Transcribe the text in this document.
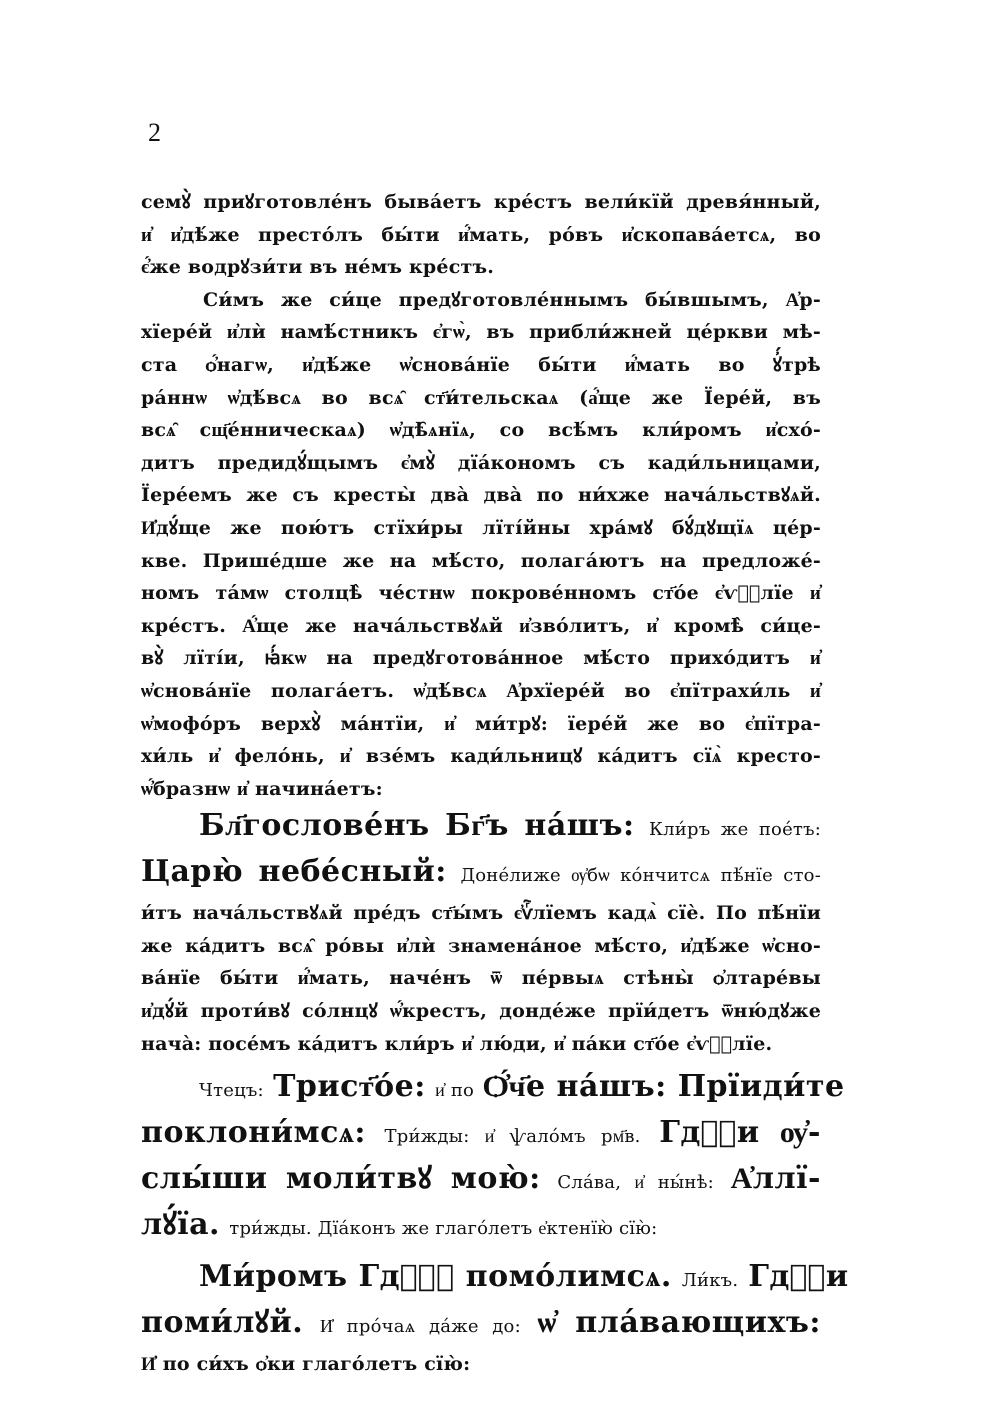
2
семꙋ̀ приꙋготовле́нъ быва́етъ кре́стъ вели́кїй древя́нный,
и҆ и҆дѣ́же престо́лъ бы́ти и҆́мать, ро́въ и҆скопава́етсѧ, во
є҆́же водрꙋзи́ти въ не́мъ кре́стъ.
Си́мъ же си́це предꙋготовле́ннымъ бы́вшымъ, А҆р-
хїере́й и҆лѝ намѣ́стникъ є҆гѡ̀, въ прибли́жней це́ркви мѣ-
ста ѻ҆́нагѡ, и҆дѣ́же ѡ҆снова́нїе бы́ти и҆́мать во ꙋ҆́трѣ
ра́ннѡ ѡ҆дѣ́всѧ во всѧ̑ ст҃и́тельскаѧ (а҆́ще же Їере́й, въ
всѧ̑ сщ҃е́нническаѧ) ѡ҆дѣ̑ѧнїѧ, со всѣ́мъ кли́ромъ и҆схо́-
дитъ предидꙋ́щымъ є҆мꙋ̀ дїа́кономъ съ кади́льницами,
Їере́емъ же съ кресты̀ два̀ два̀ по ни́хже нача́льствꙋѧй.
И҆дꙋ́ще же пою́тъ стїхи́ры лїті́йны хра́мꙋ бꙋ́дꙋщїѧ це́р-
кве. Прише́дше же на мѣ́сто, полага́ютъ на предложе́-
номъ та́мѡ столцѣ̀ че́стнѡ покрове́нномъ ст҃о́е є҆ѵⷢ҇лїе и҆
кре́стъ. А҆́ще же нача́льствꙋѧй и҆зво́литъ, и҆ кромѣ̀ си́це-
вꙋ̀ лїті́и, ꙗ҆́кѡ на предꙋготова́нное мѣ́сто прихо́дитъ и҆
ѡ҆снова́нїе полага́етъ. ѡ҆дѣ́всѧ А҆рхїере́й во є҆пїтрахи́ль и҆
ѡ҆мофо́ръ верхꙋ̀ ма́нтїи, и҆ ми́трꙋ: їере́й же во є҆пїтра-
хи́ль и҆ фело́нь, и҆ взе́мъ кади́льницꙋ ка́дитъ сїѧ̀ кресто-
ѡ҆́бразнѡ и҆ начина́етъ:
Бл҃гослове́нъ Бг҃ъ на́шъ: Кли́ръ же пое́тъ:
Царю̀ небе́сный: Доне́лиже ѹ҆бѡ ко́нчитсѧ пѣ́нїе сто-
и́тъ нача́льствꙋѧй пре́дъ ст҃ы́мъ є҆ѵⷢ҇лїемъ кадѧ̀ сїѐ. По пѣ́нїи
же ка́дитъ всѧ̑ ро́вы и҆лѝ знамена́ное мѣ́сто, и҆дѣ́же ѡ҆сно-
ва́нїе бы́ти и҆́мать, наче́нъ ѿ пе́рвыѧ стѣны̀ ѻ҆лтаре́вы
и҆дꙋ́й проти́вꙋ со́лнцꙋ ѡ҆́крестъ, донде́же прїи́детъ ѿню́дꙋже
нача̀: посе́мъ ка́дитъ кли́ръ и҆ лю́ди, и҆ па́ки ст҃о́е є҆ѵⷢ҇лїе.
Чтецъ: Трист҃о́е: и҆ по Ѻ҆́ч҃е на́шъ: Прїиди́те
поклони́мсѧ: Три́жды: и҆ ѱало́мъ рм҃в. Гдⷭ҇и ѹ҆-
слы́ши моли́твꙋ мою̀: Сла́ва, и҆ ны́нѣ: А҆ллї-
лꙋ́їа. три́жды. Дїа́конъ же глаго́летъ е҆ктенїю̀ сїю̀:
Ми́ромъ Гдⷭ҇ꙋ помо́лимсѧ. Ли́къ. Гдⷭ҇и
поми́лꙋй. И҆ про́чаѧ да́же до: ѡ҆ пла́вающихъ:
И҆ по си́хъ ѻ҆ки глаго́летъ сїю̀:
